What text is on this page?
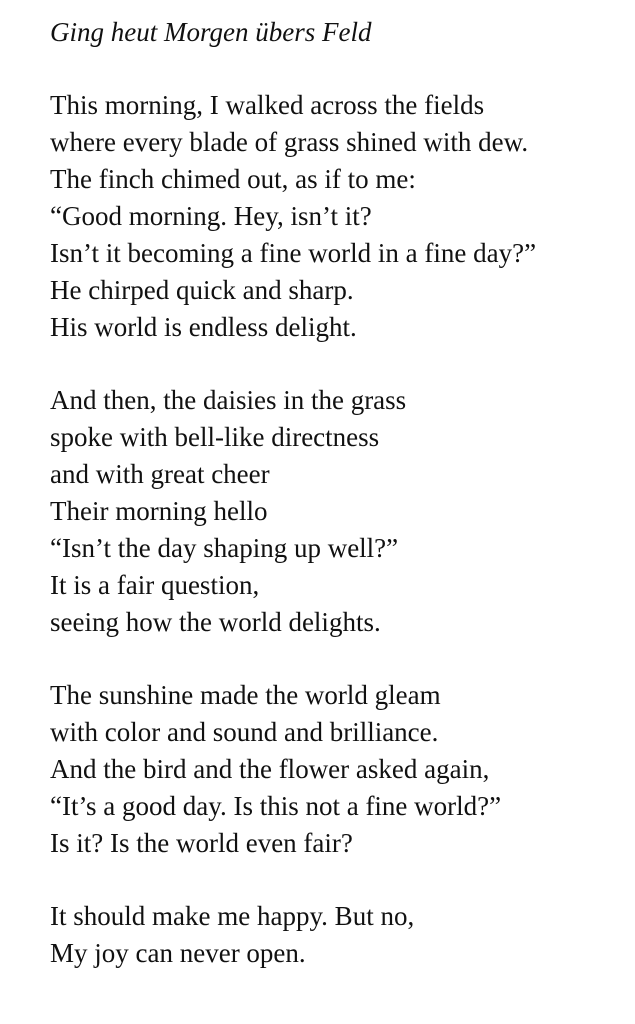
Ging heut Morgen übers Feld
This morning, I walked across the fields
where every blade of grass shined with dew.
The finch chimed out, as if to me:
“Good morning. Hey, isn’t it?
Isn’t it becoming a fine world in a fine day?”
He chirped quick and sharp.
His world is endless delight.
And then, the daisies in the grass
spoke with bell-like directness
and with great cheer
Their morning hello
“Isn’t the day shaping up well?”
It is a fair question,
seeing how the world delights.
The sunshine made the world gleam
with color and sound and brilliance.
And the bird and the flower asked again,
“It’s a good day. Is this not a fine world?”
Is it? Is the world even fair?
It should make me happy. But no,
My joy can never open.
